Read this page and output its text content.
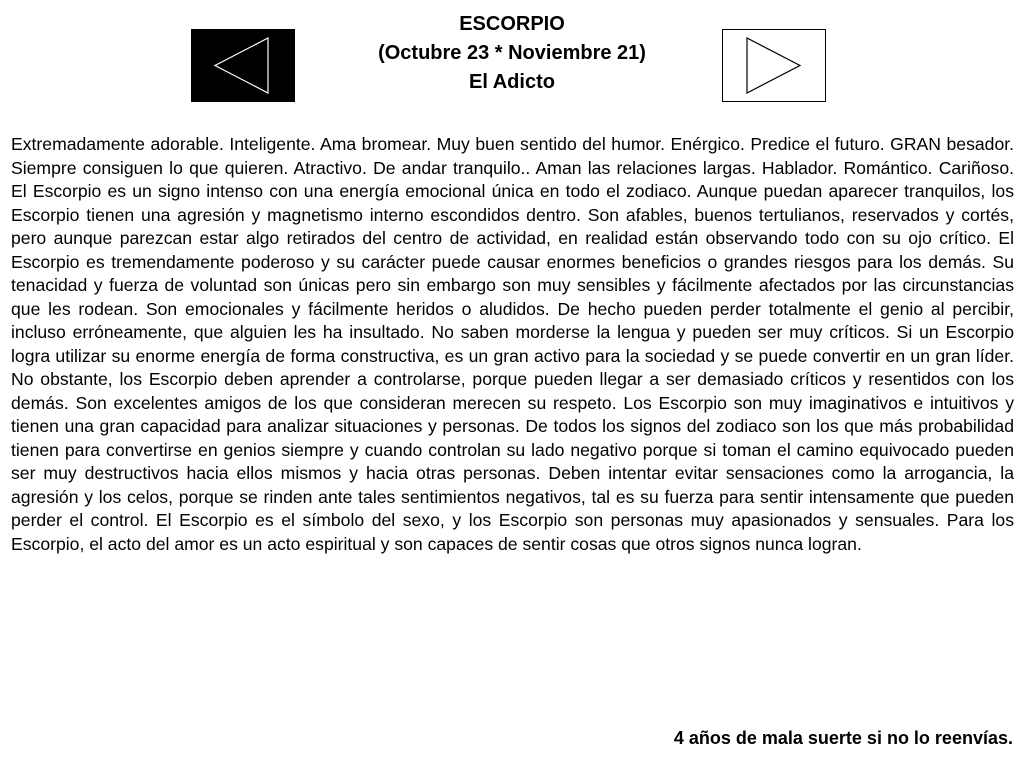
ESCORPIO
(Octubre 23 * Noviembre 21)
El Adicto

Extremadamente adorable. Inteligente. Ama bromear. Muy buen sentido del humor. Enérgico. Predice el futuro. GRAN besador. Siempre consiguen lo que quieren. Atractivo. De andar tranquilo.. Aman las relaciones largas. Hablador. Romántico. Cariñoso. El Escorpio es un signo intenso con una energía emocional única en todo el zodiaco. Aunque puedan aparecer tranquilos, los Escorpio tienen una agresión y magnetismo interno escondidos dentro. Son afables, buenos tertulianos, reservados y cortés, pero aunque parezcan estar algo retirados del centro de actividad, en realidad están observando todo con su ojo crítico. El Escorpio es tremendamente poderoso y su carácter puede causar enormes beneficios o grandes riesgos para los demás. Su tenacidad y fuerza de voluntad son únicas pero sin embargo son muy sensibles y fácilmente afectados por las circunstancias que les rodean. Son emocionales y fácilmente heridos o aludidos. De hecho pueden perder totalmente el genio al percibir, incluso erróneamente, que alguien les ha insultado. No saben morderse la lengua y pueden ser muy críticos. Si un Escorpio logra utilizar su enorme energía de forma constructiva, es un gran activo para la sociedad y se puede convertir en un gran líder. No obstante, los Escorpio deben aprender a controlarse, porque pueden llegar a ser demasiado críticos y resentidos con los demás. Son excelentes amigos de los que consideran merecen su respeto. Los Escorpio son muy imaginativos e intuitivos y tienen una gran capacidad para analizar situaciones y personas. De todos los signos del zodiaco son los que más probabilidad tienen para convertirse en genios siempre y cuando controlan su lado negativo porque si toman el camino equivocado pueden ser muy destructivos hacia ellos mismos y hacia otras personas. Deben intentar evitar sensaciones como la arrogancia, la agresión y los celos, porque se rinden ante tales sentimientos negativos, tal es su fuerza para sentir intensamente que pueden perder el control. El Escorpio es el símbolo del sexo, y los Escorpio son personas muy apasionados y sensuales. Para los Escorpio, el acto del amor es un acto espiritual y son capaces de sentir cosas que otros signos nunca logran.

4 años de mala suerte si no lo reenvías.
